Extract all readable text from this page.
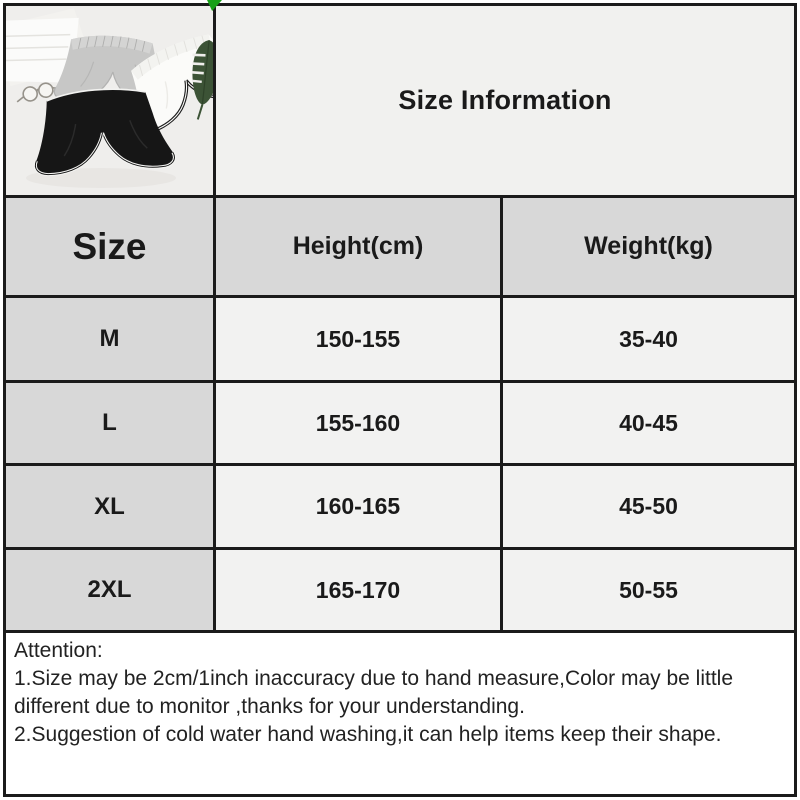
Size Information
Size	Height(cm)	Weight(kg)
M	150-155	35-40
L	155-160	40-45
XL	160-165	45-50
2XL	165-170	50-55

Attention:

1.Size may be 2cm/1inch inaccuracy due to hand measure,Color may be little different due to monitor ,thanks for your understanding.

2.Suggestion of cold water hand washing,it can help items keep their shape.
